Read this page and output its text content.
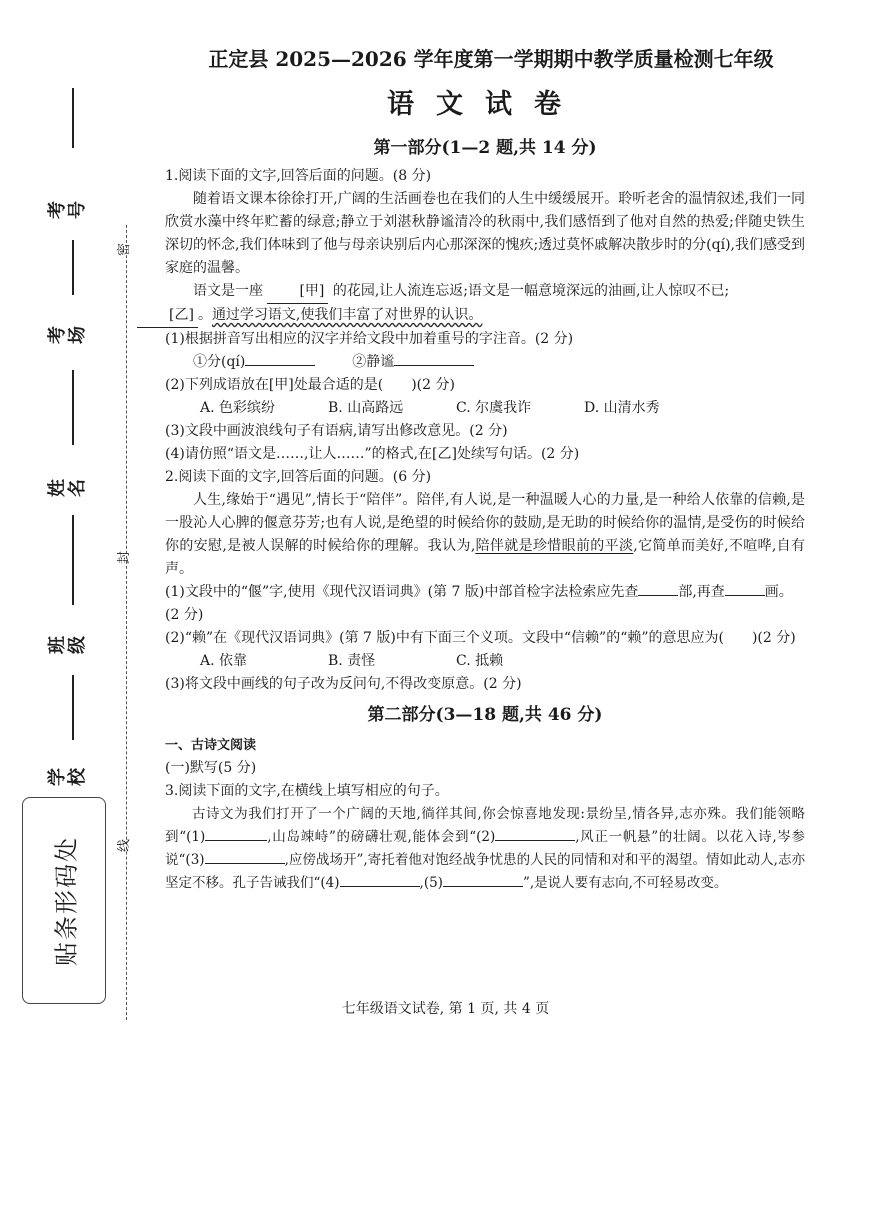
考号
考场
姓名
班级
学校
密
封
线
贴条形码处
正定县 2025—2026 学年度第一学期期中教学质量检测七年级
语文试卷
第一部分(1—2 题,共 14 分)

1.阅读下面的文字,回答后面的问题。(8 分)

随着语文课本徐徐打开,广阔的生活画卷也在我们的人生中缓缓展开。聆听老舍的温情叙述,我们一同欣赏水藻中终年贮蓄的绿意;静立于刘湛秋静谧清冷的秋雨中,我们感悟到了他对自然的热爱;伴随史铁生深切的怀念,我们体味到了他与母亲诀别后内心那深深的愧疚;透过莫怀戚解决散步时的分(qí),我们感受到家庭的温馨。

语文是一座	[甲] 的花园,让人流连忘返;语文是一幅意境深远的油画,让人惊叹不已;
[乙] 。通过学习语文,使我们丰富了对世界的认识。

(1)根据拼音写出相应的汉字并给文段中加着重号的字注音。(2 分)

①分(qí)	②静谧

(2)下列成语放在[甲]处最合适的是(　　)(2 分)

A. 色彩缤纷	B. 山高路远	C. 尔虞我诈	D. 山清水秀

(3)文段中画波浪线句子有语病,请写出修改意见。(2 分)

(4)请仿照“语文是……,让人……”的格式,在[乙]处续写句话。(2 分)

2.阅读下面的文字,回答后面的问题。(6 分)

人生,缘始于“遇见”,情长于“陪伴”。陪伴,有人说,是一种温暖人心的力量,是一种给人依靠的信赖,是一股沁人心脾的偃意芬芳;也有人说,是绝望的时候给你的鼓励,是无助的时候给你的温情,是受伤的时候给你的安慰,是被人误解的时候给你的理解。我认为,陪伴就是珍惜眼前的平淡,它简单而美好,不喧哗,自有声。

(1)文段中的“偃”字,使用《现代汉语词典》(第 7 版)中部首检字法检索应先查	部,再查	画。(2 分)

(2)“赖”在《现代汉语词典》(第 7 版)中有下面三个义项。文段中“信赖”的“赖”的意思应为(　　)(2 分)

A. 依靠	B. 责怪	C. 抵赖

(3)将文段中画线的句子改为反问句,不得改变原意。(2 分)

第二部分(3—18 题,共 46 分)

一、古诗文阅读

(一)默写(5 分)

3.阅读下面的文字,在横线上填写相应的句子。

古诗文为我们打开了一个广阔的天地,徜徉其间,你会惊喜地发现:景纷呈,情各异,志亦殊。我们能领略到“(1)	,山岛竦峙”的磅礴壮观,能体会到“(2)	,风正一帆悬”的壮阔。以花入诗,岑参说“(3)	,应傍战场开”,寄托着他对饱经战争忧患的人民的同情和对和平的渴望。情如此动人,志亦坚定不移。孔子告诫我们“(4)	,(5)	”,是说人要有志向,不可轻易改变。

七年级语文试卷, 第 1 页, 共 4 页
